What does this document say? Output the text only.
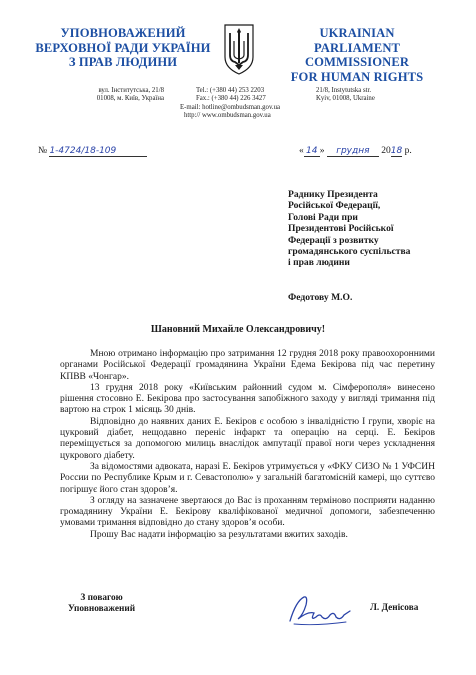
УПОВНОВАЖЕНИЙ
ВЕРХОВНОЇ РАДИ УКРАЇНИ
З ПРАВ ЛЮДИНИ
UKRAINIAN
PARLIAMENT COMMISSIONER
FOR HUMAN RIGHTS
вул. Інститутська, 21/8
01008, м. Київ, Україна
Tel.: (+380 44) 253 2203
Fax.: (+380 44) 226 3427
E-mail: hotline@ombudsman.gov.ua
http:// www.ombudsman.gov.ua
21/8, Instytutska str.
Kyiv, 01008, Ukraine
№ 1-4724/18-109	« 14 » грудня 2018 р.
Раднику Президента
Російської Федерації,
Голові Ради при
Президентові Російської
Федерації з розвитку
громадянського суспільства
і прав людини
Федотову М.О.
Шановний Михайле Олександровичу!

Мною отримано інформацію про затримання 12 грудня 2018 року правоохоронними органами Російської Федерації громадянина України Едема Бекірова під час перетину КПВВ «Чонгар».

13 грудня 2018 року «Київським районний судом м. Сімферополя» винесено рішення стосовно Е. Бекірова про застосування запобіжного заходу у вигляді тримання під вартою на строк 1 місяць 30 днів.

Відповідно до наявних даних Е. Бекіров є особою з інвалідністю І групи, хворіє на цукровий діабет, нещодавно переніс інфаркт та операцію на серці. Е. Бекіров переміщується за допомогою милиць внаслідок ампутації правої ноги через ускладнення цукрового діабету.

За відомостями адвоката, наразі Е. Бекіров утримується у «ФКУ СИЗО № 1 УФСИН России по Республике Крым и г. Севастополю» у загальній багатомісній камері, що суттєво погіршує його стан здоров’я.

З огляду на зазначене звертаюся до Вас із проханням терміново посприяти наданню громадянину України Е. Бекірову кваліфікованої медичної допомоги, забезпеченню умовами тримання відповідно до стану здоров’я особи.

Прошу Вас надати інформацію за результатами вжитих заходів.

З повагою
Уповноважений	Л. Денісова
